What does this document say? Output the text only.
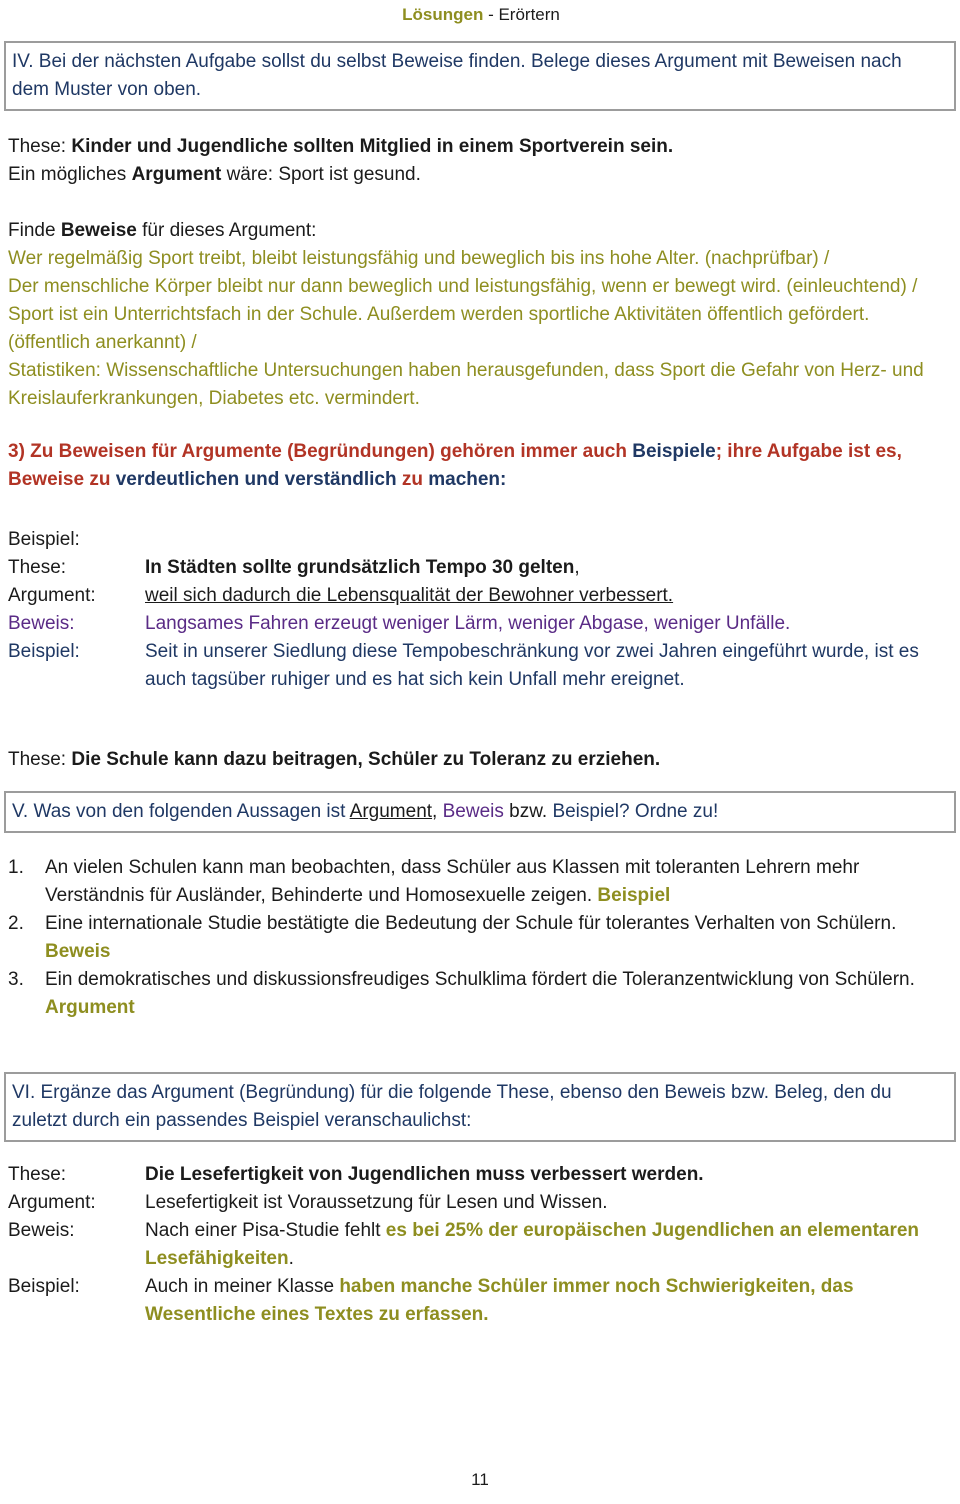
Lösungen - Erörtern
IV. Bei der nächsten Aufgabe sollst du selbst Beweise finden. Belege dieses Argument mit Beweisen nach
dem Muster von oben.
These: Kinder und Jugendliche sollten Mitglied in einem Sportverein sein.
Ein mögliches Argument wäre: Sport ist gesund.
Finde Beweise für dieses Argument:
Wer regelmäßig Sport treibt, bleibt leistungsfähig und beweglich bis ins hohe Alter. (nachprüfbar) /
Der menschliche Körper bleibt nur dann beweglich und leistungsfähig, wenn er bewegt wird. (einleuchtend) /
Sport ist ein Unterrichtsfach in der Schule. Außerdem werden sportliche Aktivitäten öffentlich gefördert.
(öffentlich anerkannt) /
Statistiken: Wissenschaftliche Untersuchungen haben herausgefunden, dass Sport die Gefahr von Herz- und
Kreislauferkrankungen, Diabetes etc. vermindert.
3) Zu Beweisen für Argumente (Begründungen) gehören immer auch Beispiele; ihre Aufgabe ist es,
Beweise zu verdeutlichen und verständlich zu machen:
Beispiel:
These:	In Städten sollte grundsätzlich Tempo 30 gelten,
Argument:	weil sich dadurch die Lebensqualität der Bewohner verbessert.
Beweis:	Langsames Fahren erzeugt weniger Lärm, weniger Abgase, weniger Unfälle.
Beispiel:	Seit in unserer Siedlung diese Tempobeschränkung vor zwei Jahren eingeführt wurde, ist es
auch tagsüber ruhiger und es hat sich kein Unfall mehr ereignet.
These: Die Schule kann dazu beitragen, Schüler zu Toleranz zu erziehen.
V. Was von den folgenden Aussagen ist Argument, Beweis bzw. Beispiel? Ordne zu!
1.	An vielen Schulen kann man beobachten, dass Schüler aus Klassen mit toleranten Lehrern mehr
Verständnis für Ausländer, Behinderte und Homosexuelle zeigen. Beispiel
2.	Eine internationale Studie bestätigte die Bedeutung der Schule für tolerantes Verhalten von Schülern.
Beweis
3.	Ein demokratisches und diskussionsfreudiges Schulklima fördert die Toleranzentwicklung von Schülern.
Argument
VI. Ergänze das Argument (Begründung) für die folgende These, ebenso den Beweis bzw. Beleg, den du
zuletzt durch ein passendes Beispiel veranschaulichst:
These:	Die Lesefertigkeit von Jugendlichen muss verbessert werden.
Argument:	Lesefertigkeit ist Voraussetzung für Lesen und Wissen.
Beweis:	Nach einer Pisa-Studie fehlt es bei 25% der europäischen Jugendlichen an elementaren
Lesefähigkeiten.
Beispiel:	Auch in meiner Klasse haben manche Schüler immer noch Schwierigkeiten, das
Wesentliche eines Textes zu erfassen.
11
